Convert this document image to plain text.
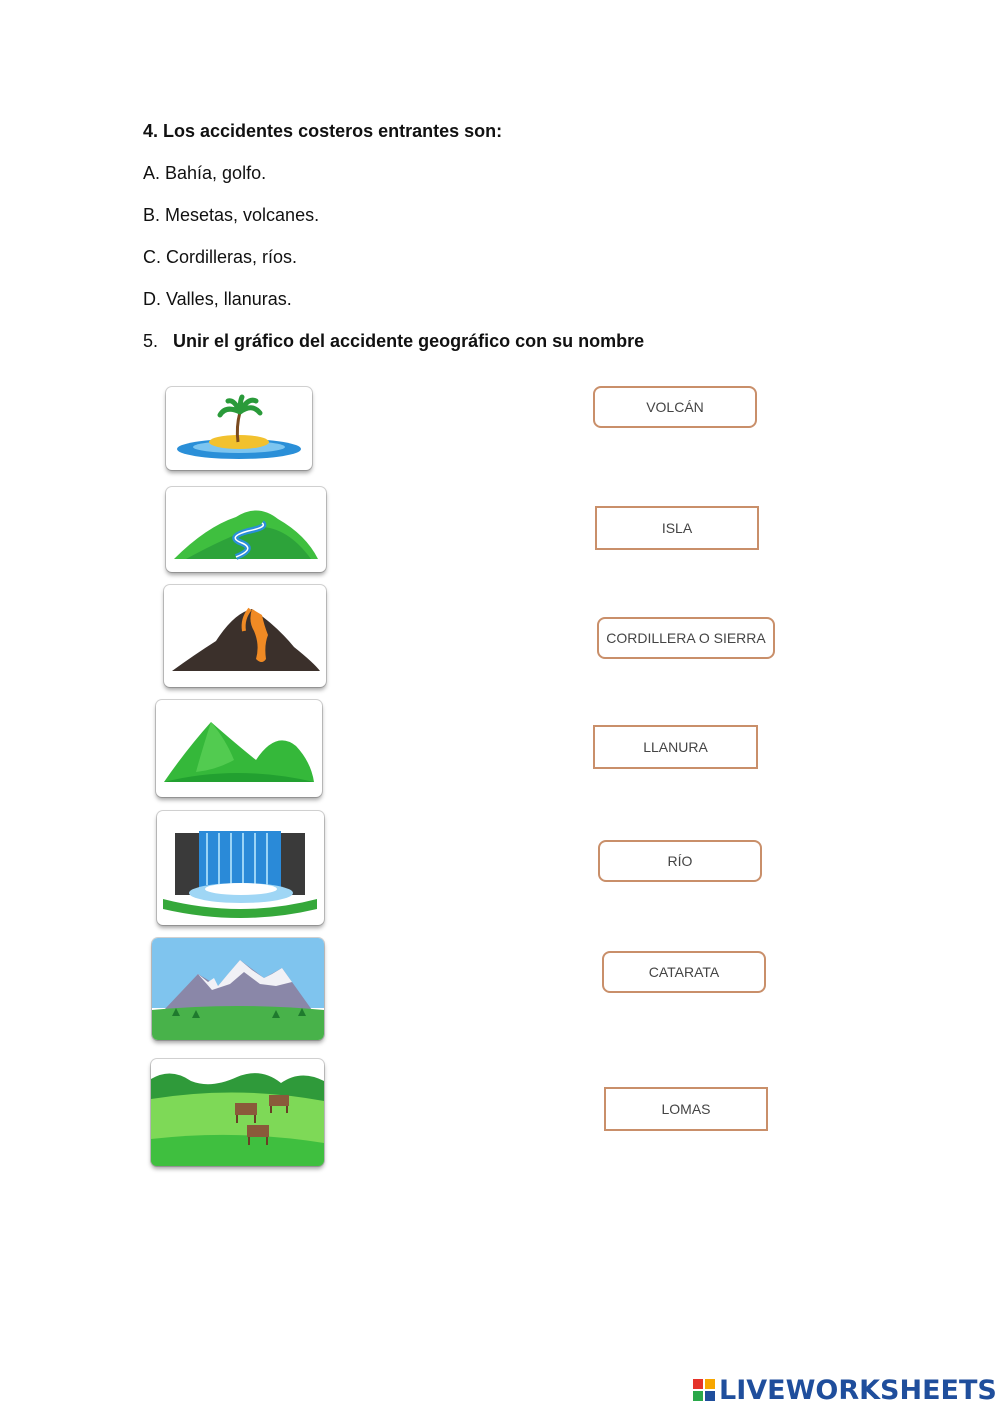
4. Los accidentes costeros entrantes son:
A. Bahía, golfo.
B. Mesetas, volcanes.
C. Cordilleras, ríos.
D. Valles, llanuras.
5. Unir el gráfico del accidente geográfico con su nombre
VOLCÁN
ISLA
CORDILLERA O SIERRA
LLANURA
RÍO
CATARATA
LOMAS
LIVEWORKSHEETS
